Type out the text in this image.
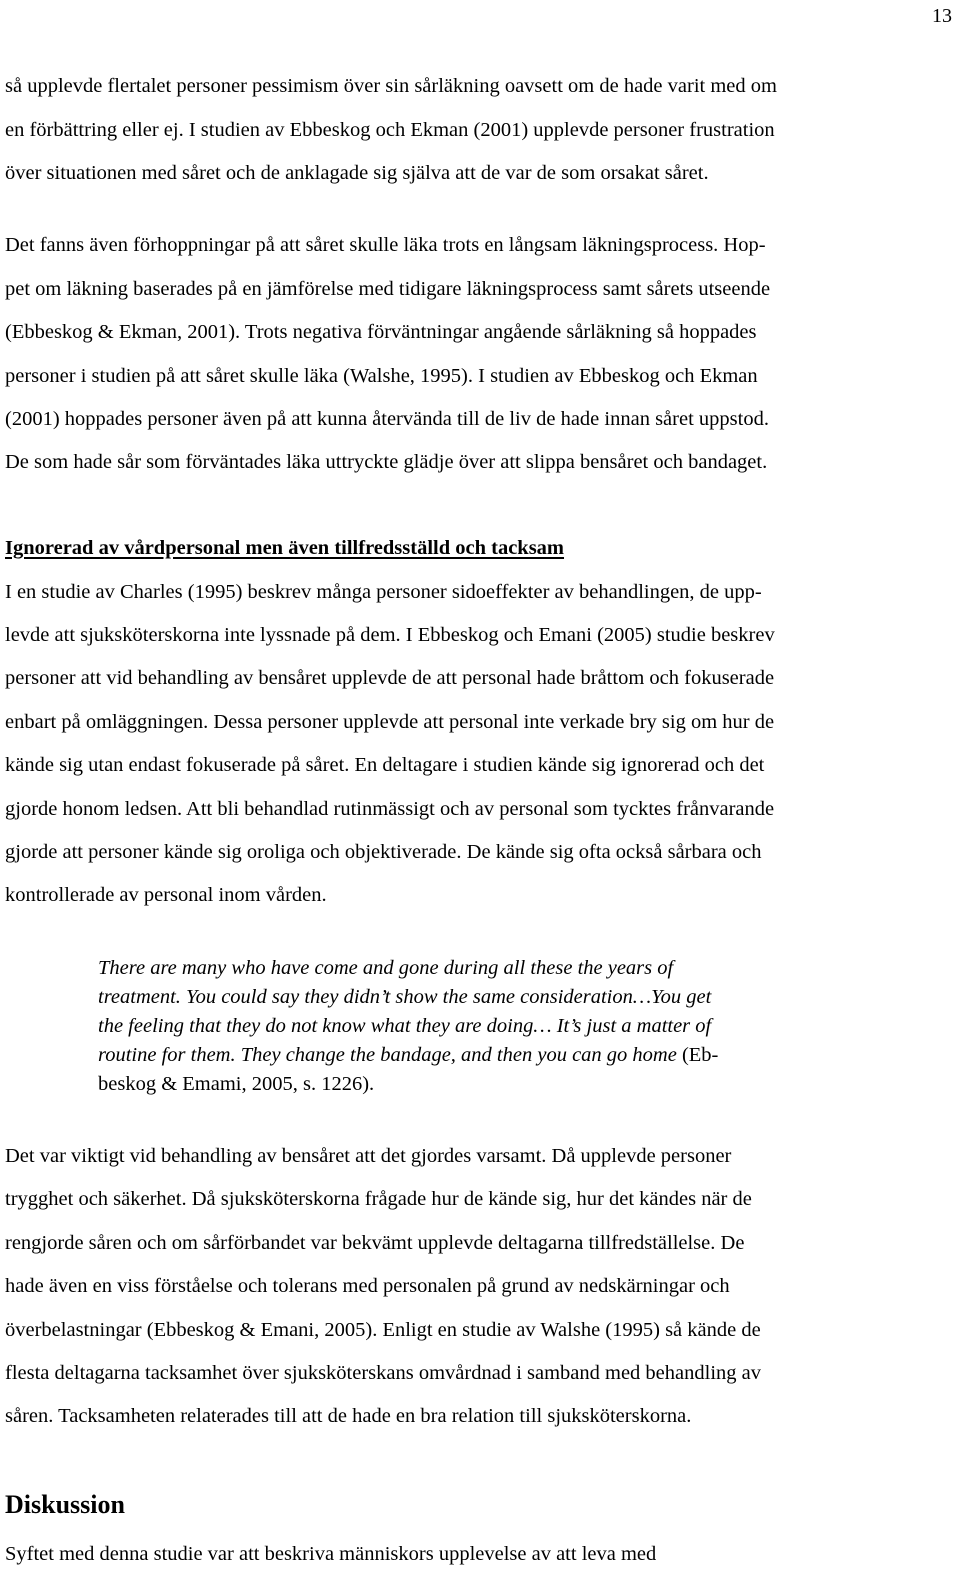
13
så upplevde flertalet personer pessimism över sin sårläkning oavsett om de hade varit med om
en förbättring eller ej. I studien av Ebbeskog och Ekman (2001) upplevde personer frustration
över situationen med såret och de anklagade sig själva att de var de som orsakat såret.
Det fanns även förhoppningar på att såret skulle läka trots en långsam läkningsprocess. Hop-
pet om läkning baserades på en jämförelse med tidigare läkningsprocess samt sårets utseende
(Ebbeskog & Ekman, 2001). Trots negativa förväntningar angående sårläkning så hoppades
personer i studien på att såret skulle läka (Walshe, 1995). I studien av Ebbeskog och Ekman
(2001) hoppades personer även på att kunna återvända till de liv de hade innan såret uppstod.
De som hade sår som förväntades läka uttryckte glädje över att slippa bensåret och bandaget.
Ignorerad av vårdpersonal men även tillfredsställd och tacksam
I en studie av Charles (1995) beskrev många personer sidoeffekter av behandlingen, de upp-
levde att sjuksköterskorna inte lyssnade på dem. I Ebbeskog och Emani (2005) studie beskrev
personer att vid behandling av bensåret upplevde de att personal hade bråttom och fokuserade
enbart på omläggningen. Dessa personer upplevde att personal inte verkade bry sig om hur de
kände sig utan endast fokuserade på såret. En deltagare i studien kände sig ignorerad och det
gjorde honom ledsen. Att bli behandlad rutinmässigt och av personal som tycktes frånvarande
gjorde att personer kände sig oroliga och objektiverade. De kände sig ofta också sårbara och
kontrollerade av personal inom vården.
There are many who have come and gone during all these the years of
treatment. You could say they didn’t show the same consideration…You get
the feeling that they do not know what they are doing… It’s just a matter of
routine for them. They change the bandage, and then you can go home (Eb-
beskog & Emami, 2005, s. 1226).
Det var viktigt vid behandling av bensåret att det gjordes varsamt. Då upplevde personer
trygghet och säkerhet. Då sjuksköterskorna frågade hur de kände sig, hur det kändes när de
rengjorde såren och om sårförbandet var bekvämt upplevde deltagarna tillfredställelse. De
hade även en viss förståelse och tolerans med personalen på grund av nedskärningar och
överbelastningar (Ebbeskog & Emani, 2005). Enligt en studie av Walshe (1995) så kände de
flesta deltagarna tacksamhet över sjuksköterskans omvårdnad i samband med behandling av
såren. Tacksamheten relaterades till att de hade en bra relation till sjuksköterskorna.
Diskussion
Syftet med denna studie var att beskriva människors upplevelse av att leva med
